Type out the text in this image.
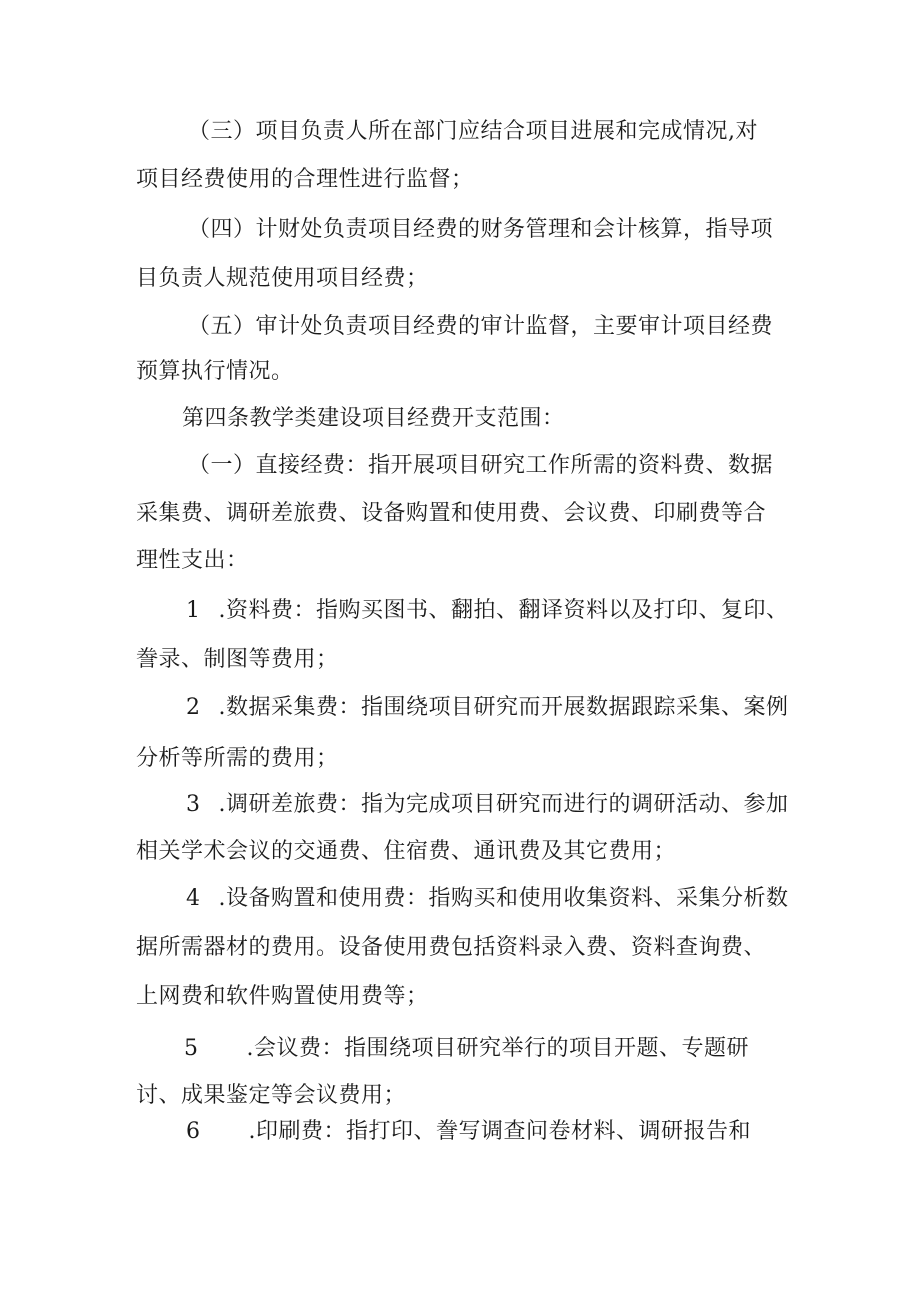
（三）项目负责人所在部门应结合项目进展和完成情况,对
项目经费使用的合理性进行监督；
（四）计财处负责项目经费的财务管理和会计核算，指导项
目负责人规范使用项目经费；
（五）审计处负责项目经费的审计监督，主要审计项目经费
预算执行情况。
第四条教学类建设项目经费开支范围：
（一）直接经费：指开展项目研究工作所需的资料费、数据
采集费、调研差旅费、设备购置和使用费、会议费、印刷费等合
理性支出：
1 .资料费：指购买图书、翻拍、翻译资料以及打印、复印、
誊录、制图等费用；
2 .数据采集费：指围绕项目研究而开展数据跟踪采集、案例
分析等所需的费用；
3 .调研差旅费：指为完成项目研究而进行的调研活动、参加
相关学术会议的交通费、住宿费、通讯费及其它费用；
4 .设备购置和使用费：指购买和使用收集资料、采集分析数
据所需器材的费用。设备使用费包括资料录入费、资料查询费、
上网费和软件购置使用费等；
5 .会议费：指围绕项目研究举行的项目开题、专题研
讨、成果鉴定等会议费用；
6 .印刷费：指打印、誊写调查问卷材料、调研报告和
